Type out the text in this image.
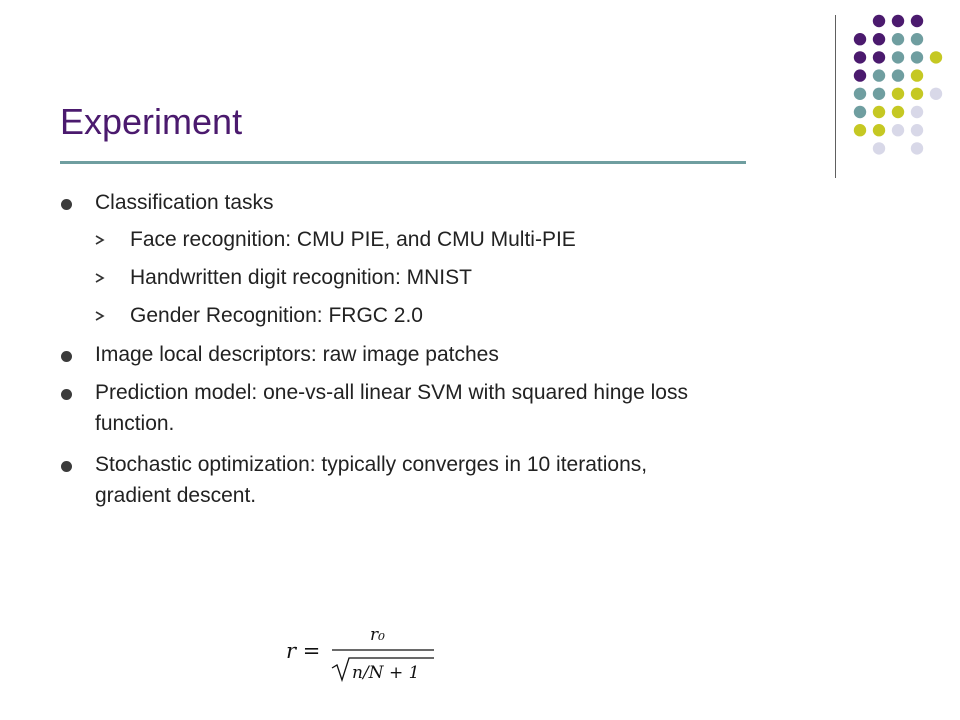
Experiment
Classification tasks
Face recognition: CMU PIE, and CMU Multi-PIE
Handwritten digit recognition: MNIST
Gender Recognition: FRGC 2.0
Image local descriptors: raw image patches
Prediction model: one-vs-all linear SVM with squared hinge loss
function.
Stochastic optimization: typically converges in 10 iterations,
gradient descent.
r =
r₀
n/N + 1
